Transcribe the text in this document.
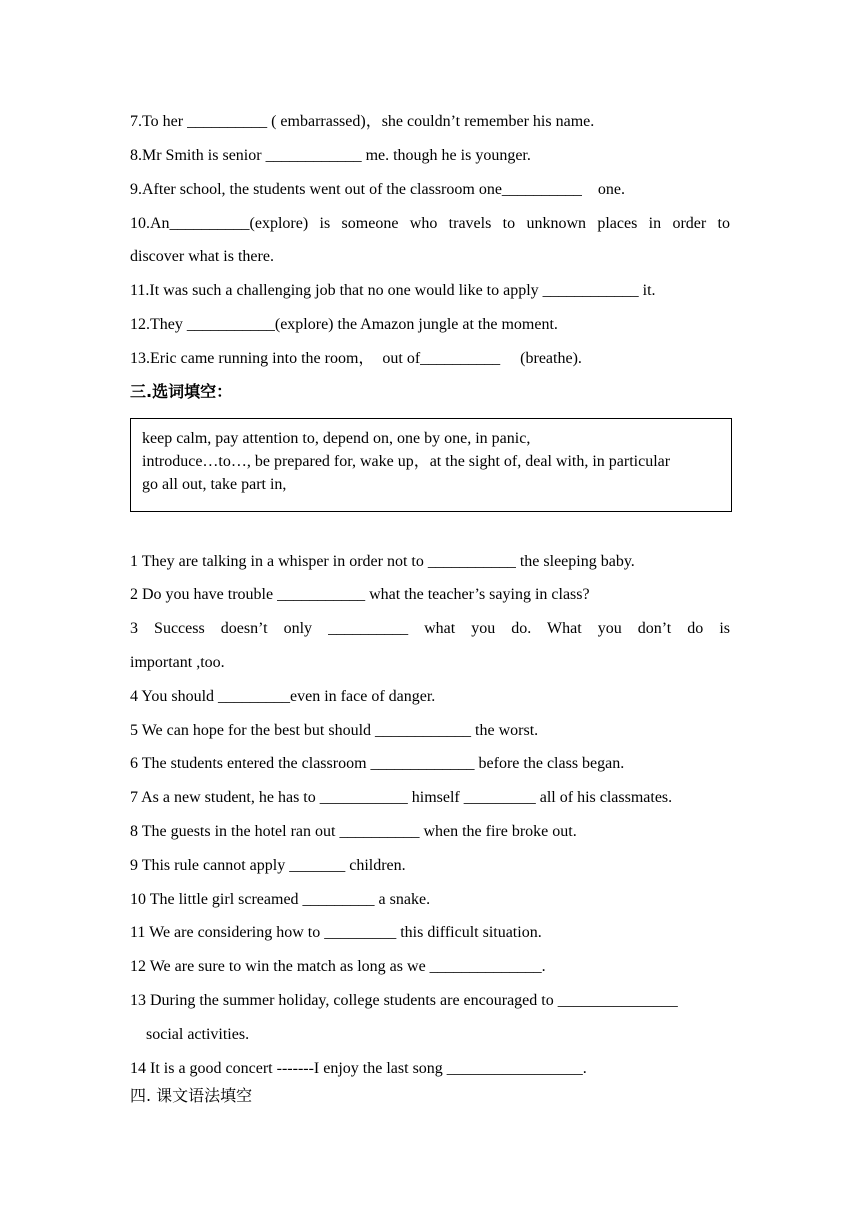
7.To her __________ ( embarrassed)，she couldn’t remember his name.
8.Mr Smith is senior ____________ me. though he is younger.
9.After school, the students went out of the classroom one__________    one.
10.An__________(explore) is someone who travels to unknown places in order to
discover what is there.
11.It was such a challenging job that no one would like to apply ____________ it.
12.They ___________(explore) the Amazon jungle at the moment.
13.Eric came running into the room，  out of__________     (breathe).
三.选词填空：
keep calm, pay attention to, depend on, one by one, in panic,
introduce…to…, be prepared for, wake up，at the sight of, deal with, in particular
go all out, take part in,
1 They are talking in a whisper in order not to ___________ the sleeping baby.
2 Do you have trouble ___________ what the teacher’s saying in class?
3 Success doesn’t only __________ what you do. What you don’t do is
important ,too.
4 You should _________even in face of danger.
5 We can hope for the best but should ____________ the worst.
6 The students entered the classroom _____________ before the class began.
7 As a new student, he has to ___________ himself _________ all of his classmates.
8 The guests in the hotel ran out __________ when the fire broke out.
9 This rule cannot apply _______ children.
10 The little girl screamed _________ a snake.
11 We are considering how to _________ this difficult situation.
12 We are sure to win the match as long as we ______________.
13 During the summer holiday, college students are encouraged to _______________
social activities.
14 It is a good concert -------I enjoy the last song _________________.
四. 课文语法填空
